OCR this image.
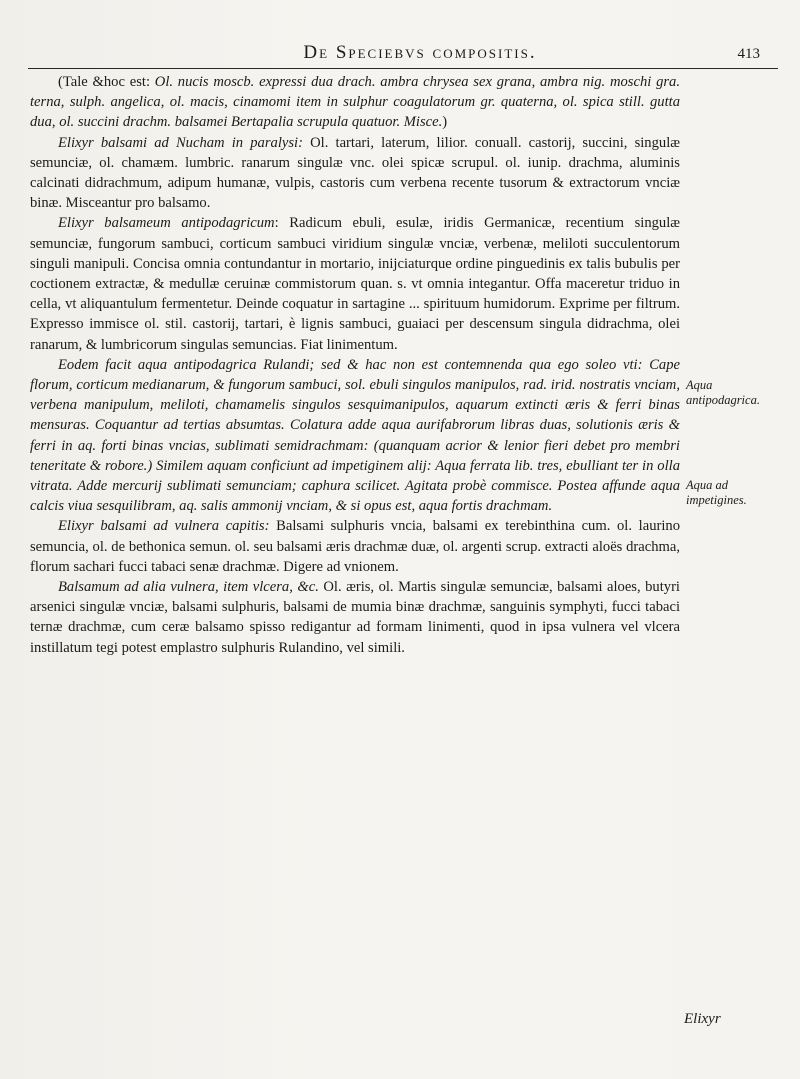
De Speciebvs compositis.	413

(Tale &hoc est: Ol. nucis moscb. expressi dua drach. ambra chrysea sex grana, ambra nig. moschi gra. terna, sulph. angelica, ol. macis, cinamomi item in sulphur coagulatorum gr. quaterna, ol. spica still. gutta dua, ol. succini drachm. balsamei Bertapalia scrupula quatuor. Misce.)

Elixyr balsami ad Nucham in paralysi: Ol. tartari, laterum, lilior. conuall. castorij, succini, singulæ semunciæ, ol. chamæm. lumbric. ranarum singulæ vnc. olei spicæ scrupul. ol. iunip. drachma, aluminis calcinati didrachmum, adipum humanæ, vulpis, castoris cum verbena recente tusorum & extractorum vnciæ binæ. Misceantur pro balsamo.

Elixyr balsameum antipodagricum: Radicum ebuli, esulæ, iridis Germanicæ, recentium singulæ semunciæ, fungorum sambuci, corticum sambuci viridium singulæ vnciæ, verbenæ, meliloti succulentorum singuli manipuli. Concisa omnia contundantur in mortario, inijciaturque ordine pinguedinis ex talis bubulis per coctionem extractæ, & medullæ ceruinæ commistorum quan. s. vt omnia integantur. Offa maceretur triduo in cella, vt aliquantulum fermentetur. Deinde coquatur in sartagine ... spirituum humidorum. Exprime per filtrum. Expresso immisce ol. stil. castorij, tartari, è lignis sambuci, guaiaci per descensum singula didrachma, olei ranarum, & lumbricorum singulas semuncias. Fiat linimentum.

Eodem facit aqua antipodagrica Rulandi; sed & hac non est contemnenda qua ego soleo vti: Cape florum, corticum medianarum, & fungorum sambuci, sol. ebuli singulos manipulos, rad. irid. nostratis vnciam, verbena manipulum, meliloti, chamamelis singulos sesquimanipulos, aquarum extincti æris & ferri binas mensuras. Coquantur ad tertias absumtas. Colatura adde aqua aurifabrorum libras duas, solutionis æris & ferri in aq. forti binas vncias, sublimati semidrachmam: (quanquam acrior & lenior fieri debet pro membri teneritate & robore.) Similem aquam conficiunt ad impetiginem alij: Aqua ferrata lib. tres, ebulliant ter in olla vitrata. Adde mercurij sublimati semunciam; caphura scilicet. Agitata probè commisce. Postea affunde aqua calcis viua sesquilibram, aq. salis ammonij vnciam, & si opus est, aqua fortis drachmam.

Elixyr balsami ad vulnera capitis: Balsami sulphuris vncia, balsami ex terebinthina cum. ol. laurino semuncia, ol. de bethonica semun. ol. seu balsami æris drachmæ duæ, ol. argenti scrup. extracti aloës drachma, florum sachari fucci tabaci senæ drachmæ. Digere ad vnionem.

Balsamum ad alia vulnera, item vlcera, &c. Ol. æris, ol. Martis singulæ semunciæ, balsami aloes, butyri arsenici singulæ vnciæ, balsami sulphuris, balsami de mumia binæ drachmæ, sanguinis symphyti, fucci tabaci ternæ drachmæ, cum ceræ balsamo spisso redigantur ad formam linimenti, quod in ipsa vulnera vel vlcera instillatum tegi potest emplastro sulphuris Rulandino, vel simili.

Aqua antipodagrica.
Aqua ad impetigines.
Elixyr
